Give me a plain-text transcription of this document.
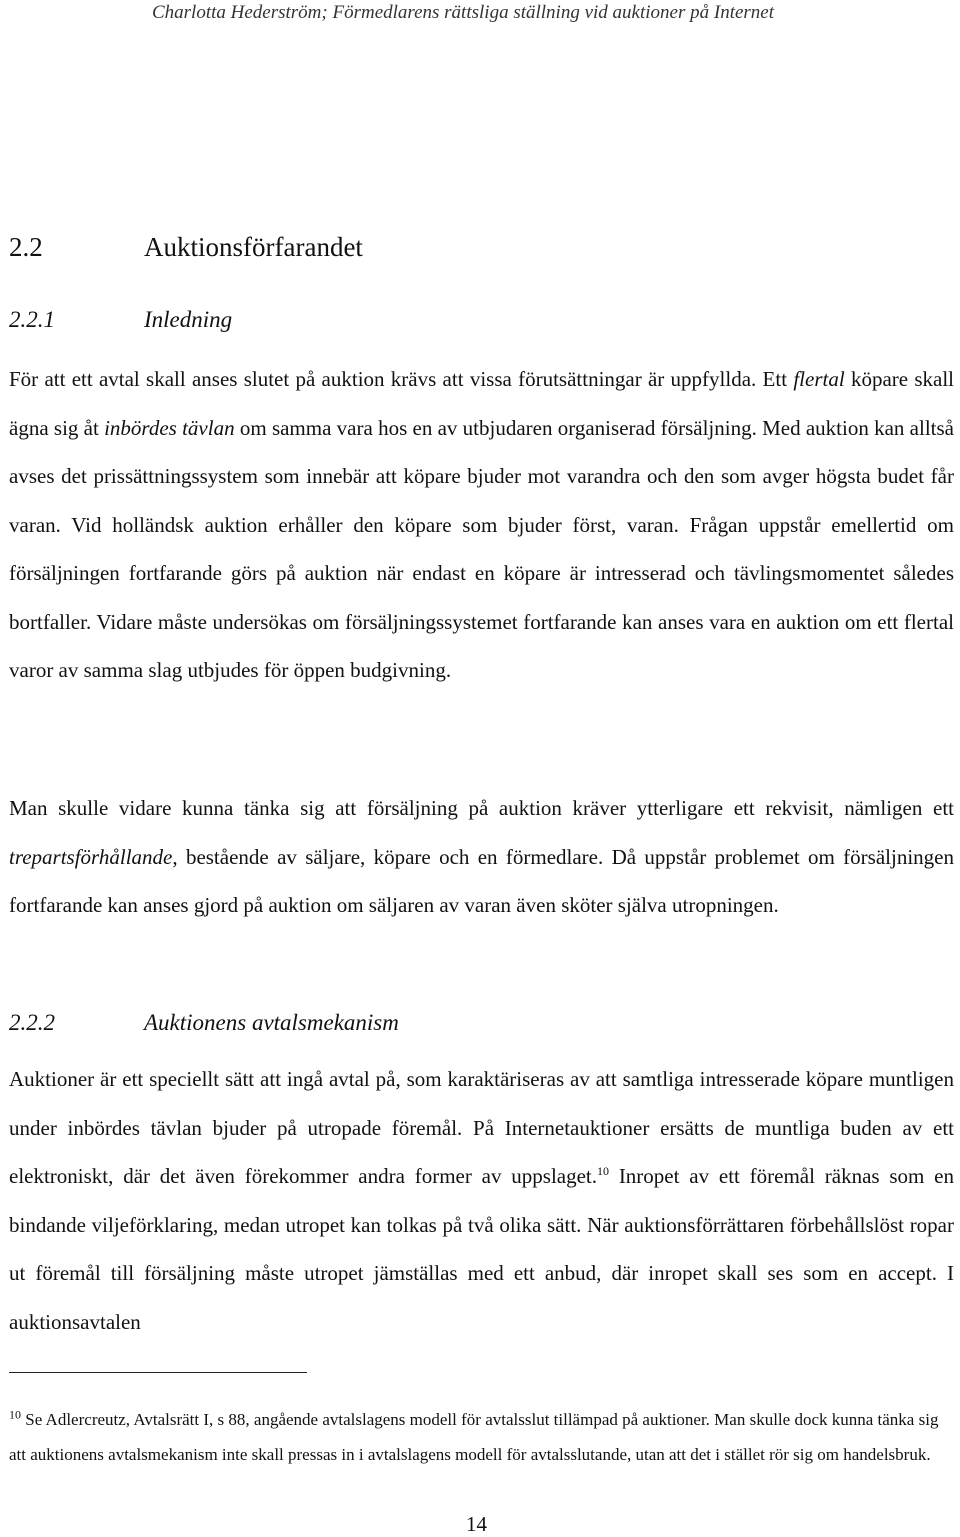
Charlotta Hederström; Förmedlarens rättsliga ställning vid auktioner på Internet
2.2	Auktionsförfarandet
2.2.1	Inledning
För att ett avtal skall anses slutet på auktion krävs att vissa förutsättningar är uppfyllda. Ett flertal köpare skall ägna sig åt inbördes tävlan om samma vara hos en av utbjudaren organiserad försäljning. Med auktion kan alltså avses det prissättningssystem som innebär att köpare bjuder mot varandra och den som avger högsta budet får varan. Vid holländsk auktion erhåller den köpare som bjuder först, varan. Frågan uppstår emellertid om försäljningen fortfarande görs på auktion när endast en köpare är intresserad och tävlingsmomentet således bortfaller. Vidare måste undersökas om försäljningssystemet fortfarande kan anses vara en auktion om ett flertal varor av samma slag utbjudes för öppen budgivning.
Man skulle vidare kunna tänka sig att försäljning på auktion kräver ytterligare ett rekvisit, nämligen ett trepartsförhållande, bestående av säljare, köpare och en förmedlare. Då uppstår problemet om försäljningen fortfarande kan anses gjord på auktion om säljaren av varan även sköter själva utropningen.
2.2.2	Auktionens avtalsmekanism
Auktioner är ett speciellt sätt att ingå avtal på, som karaktäriseras av att samtliga intresserade köpare muntligen under inbördes tävlan bjuder på utropade föremål. På Internetauktioner ersätts de muntliga buden av ett elektroniskt, där det även förekommer andra former av uppslaget.$^{10}$ Inropet av ett föremål räknas som en bindande viljeförklaring, medan utropet kan tolkas på två olika sätt. När auktionsförrättaren förbehållslöst ropar ut föremål till försäljning måste utropet jämställas med ett anbud, där inropet skall ses som en accept. I auktionsavtalen
$^{10}$ Se Adlercreutz, Avtalsrätt I, s 88, angående avtalslagens modell för avtalsslut tillämpad på auktioner. Man skulle dock kunna tänka sig att auktionens avtalsmekanism inte skall pressas in i avtalslagens modell för avtalsslutande, utan att det i stället rör sig om handelsbruk.
14
